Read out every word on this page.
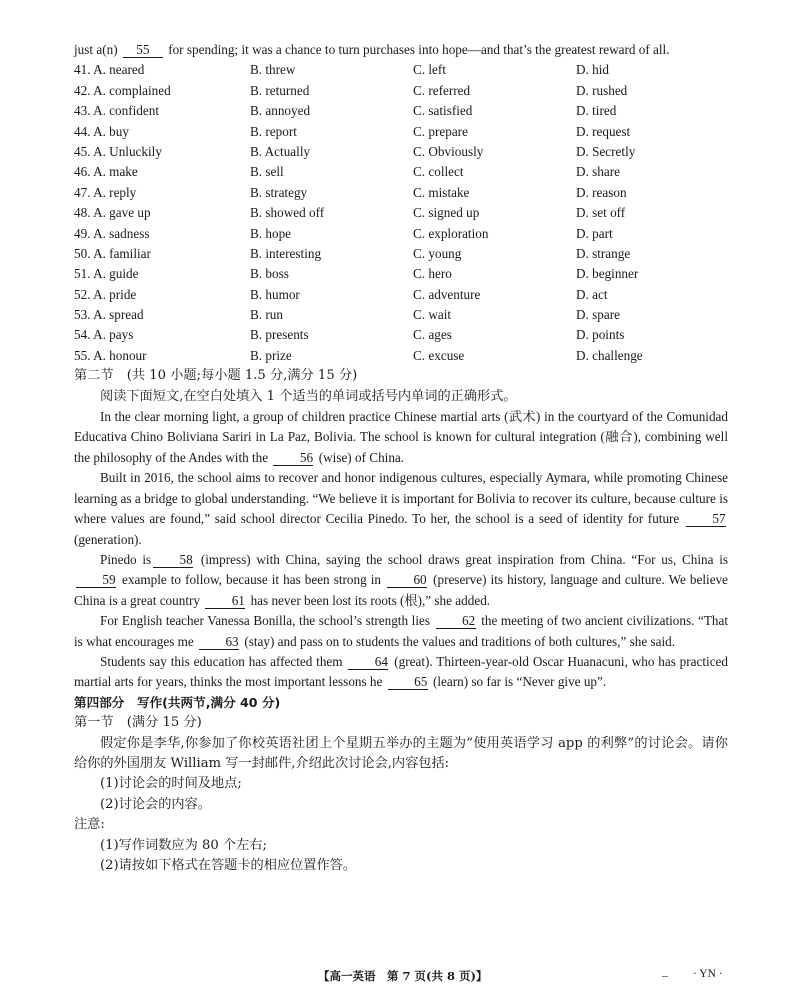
just a(n) 55 for spending; it was a chance to turn purchases into hope—and that’s the greatest reward of all.

41. A. neared	B. threw	C. left	D. hid
42. A. complained	B. returned	C. referred	D. rushed
43. A. confident	B. annoyed	C. satisfied	D. tired
44. A. buy	B. report	C. prepare	D. request
45. A. Unluckily	B. Actually	C. Obviously	D. Secretly
46. A. make	B. sell	C. collect	D. share
47. A. reply	B. strategy	C. mistake	D. reason
48. A. gave up	B. showed off	C. signed up	D. set off
49. A. sadness	B. hope	C. exploration	D. part
50. A. familiar	B. interesting	C. young	D. strange
51. A. guide	B. boss	C. hero	D. beginner
52. A. pride	B. humor	C. adventure	D. act
53. A. spread	B. run	C. wait	D. spare
54. A. pays	B. presents	C. ages	D. points
55. A. honour	B. prize	C. excuse	D. challenge

第二节　(共 10 小题;每小题 1.5 分,满分 15 分)

阅读下面短文,在空白处填入 1 个适当的单词或括号内单词的正确形式。

In the clear morning light, a group of children practice Chinese martial arts (武术) in the courtyard of the Comunidad Educativa Chino Boliviana Sariri in La Paz, Bolivia. The school is known for cultural integration (融合), combining well the philosophy of the Andes with the 56 (wise) of China.

Built in 2016, the school aims to recover and honor indigenous cultures, especially Aymara, while promoting Chinese learning as a bridge to global understanding. “We believe it is important for Bolivia to recover its culture, because culture is where values are found,” said school director Cecilia Pinedo. To her, the school is a seed of identity for future	57 (generation).

Pinedo is 58 (impress) with China, saying the school draws great inspiration from China. “For us, China is 59 example to follow, because it has been strong in 60 (preserve) its history, language and culture. We believe China is a great country 61 has never been lost its roots (根),” she added.

For English teacher Vanessa Bonilla, the school’s strength lies 62 the meeting of two ancient civilizations. “That is what encourages me 63 (stay) and pass on to students the values and traditions of both cultures,” she said.

Students say this education has affected them 64 (great). Thirteen-year-old Oscar Huanacuni, who has practiced martial arts for years, thinks the most important lessons he 65 (learn) so far is “Never give up”.

第四部分　写作(共两节,满分 40 分)

第一节　(满分 15 分)

假定你是李华,你参加了你校英语社团上个星期五举办的主题为“使用英语学习 app 的利弊”的讨论会。请你给你的外国朋友 William 写一封邮件,介绍此次讨论会,内容包括:

(1)讨论会的时间及地点;
(2)讨论会的内容。

注意:

(1)写作词数应为 80 个左右;
(2)请按如下格式在答题卡的相应位置作答。
【高一英语　第 7 页(共 8 页)】	_ · YN ·
